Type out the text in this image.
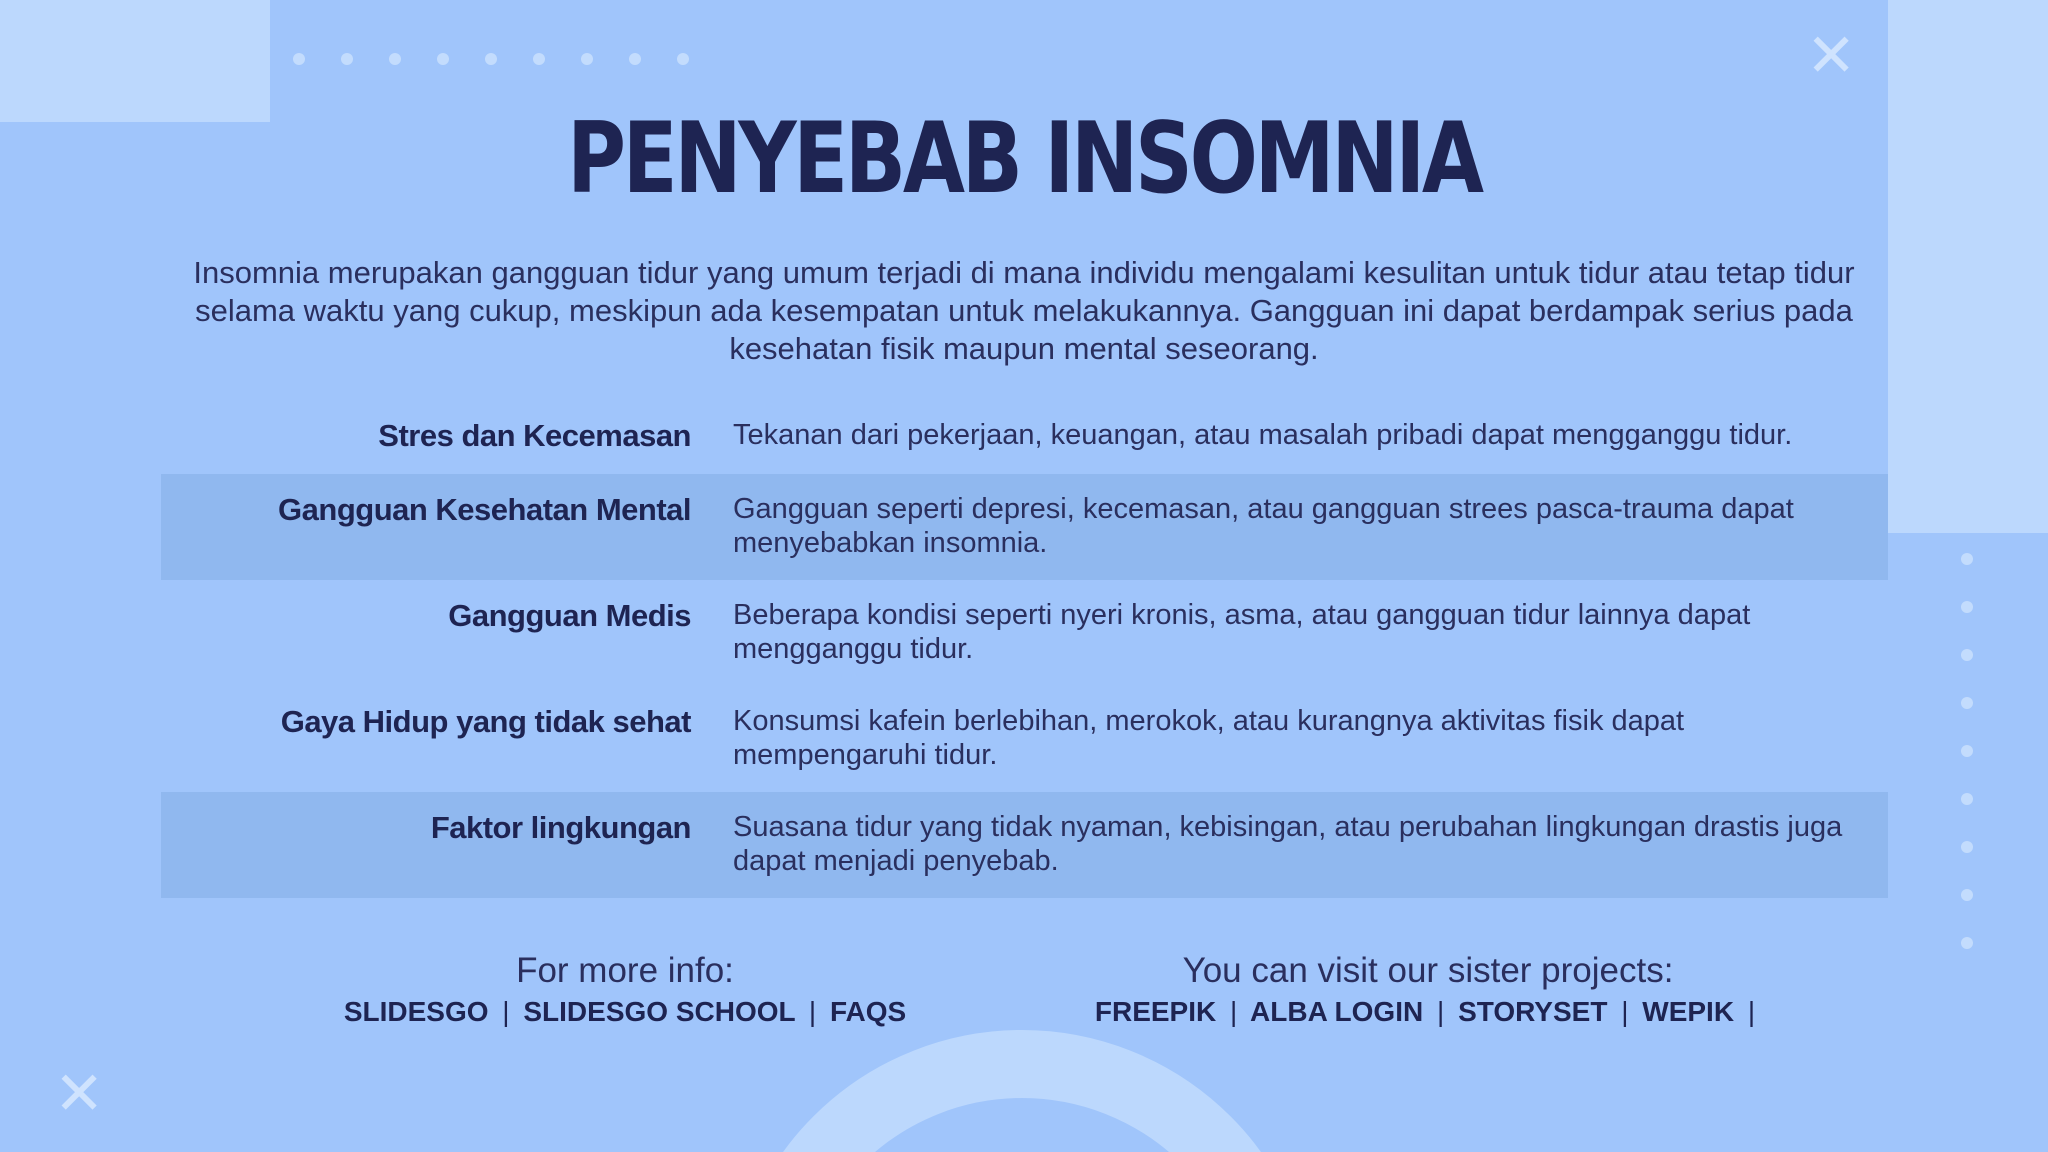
✕
✕
PENYEBAB INSOMNIA

Insomnia merupakan gangguan tidur yang umum terjadi di mana individu mengalami kesulitan untuk tidur atau tetap tidur selama waktu yang cukup, meskipun ada kesempatan untuk melakukannya. Gangguan ini dapat berdampak serius pada kesehatan fisik maupun mental seseorang.

Stres dan Kecemasan Tekanan dari pekerjaan, keuangan, atau masalah pribadi dapat mengganggu tidur.
Gangguan Kesehatan Mental Gangguan seperti depresi, kecemasan, atau gangguan strees pasca-trauma dapat menyebabkan insomnia.
Gangguan Medis Beberapa kondisi seperti nyeri kronis, asma, atau gangguan tidur lainnya dapat mengganggu tidur.
Gaya Hidup yang tidak sehat Konsumsi kafein berlebihan, merokok, atau kurangnya aktivitas fisik dapat mempengaruhi tidur.
Faktor lingkungan Suasana tidur yang tidak nyaman, kebisingan, atau perubahan lingkungan drastis juga dapat menjadi penyebab.
For more info:
SLIDESGO | SLIDESGO SCHOOL | FAQS
You can visit our sister projects:
FREEPIK | ALBA LOGIN | STORYSET | WEPIK |
